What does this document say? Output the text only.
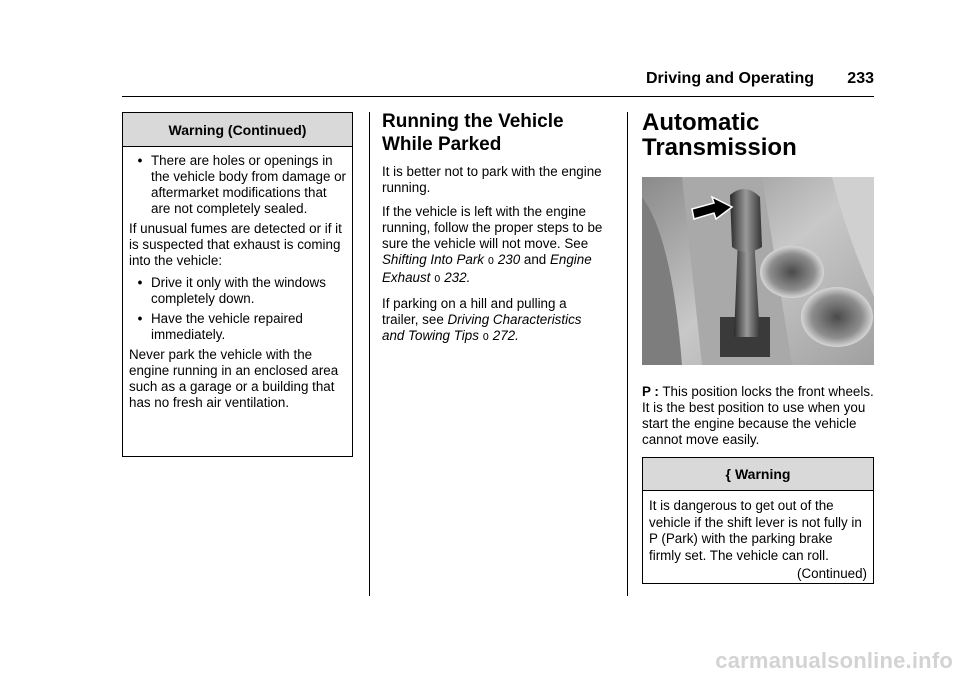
Driving and Operating 233
Warning (Continued)
• There are holes or openings in the vehicle body from damage or aftermarket modifications that are not completely sealed.
If unusual fumes are detected or if it is suspected that exhaust is coming into the vehicle:
• Drive it only with the windows completely down.
• Have the vehicle repaired immediately.
Never park the vehicle with the engine running in an enclosed area such as a garage or a building that has no fresh air ventilation.
Running the Vehicle While Parked
It is better not to park with the engine running.
If the vehicle is left with the engine running, follow the proper steps to be sure the vehicle will not move. See Shifting Into Park 0 230 and Engine Exhaust 0 232.
If parking on a hill and pulling a trailer, see Driving Characteristics and Towing Tips 0 272.
Automatic Transmission
P : This position locks the front wheels. It is the best position to use when you start the engine because the vehicle cannot move easily.
{ Warning
It is dangerous to get out of the vehicle if the shift lever is not fully in P (Park) with the parking brake firmly set. The vehicle can roll.
(Continued)
carmanualsonline.info
